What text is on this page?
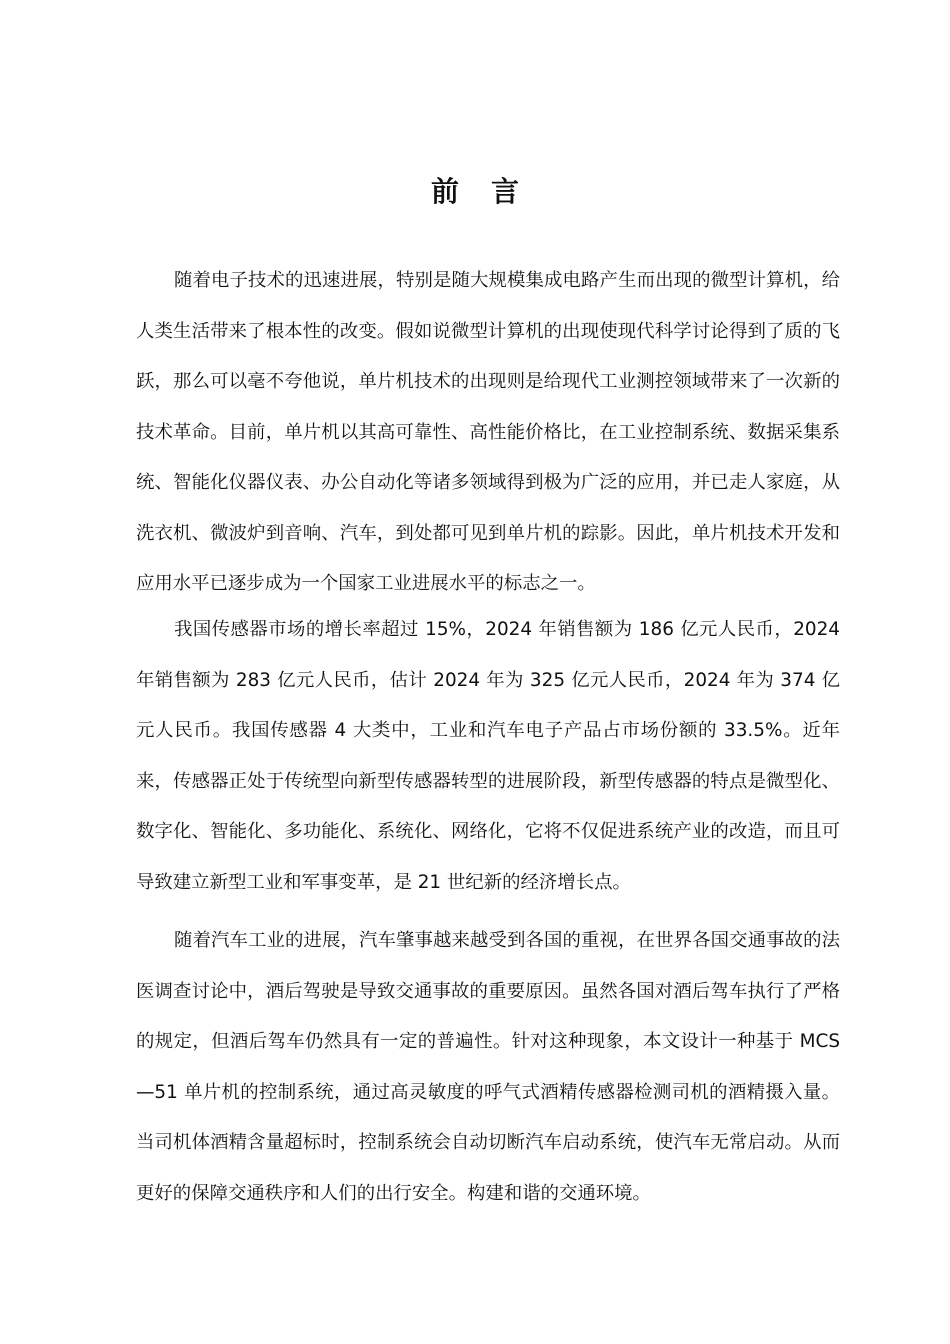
前言

随着电子技术的迅速进展，特别是随大规模集成电路产生而出现的微型计算机，给人类生活带来了根本性的改变。假如说微型计算机的出现使现代科学讨论得到了质的飞跃，那么可以毫不夸他说，单片机技术的出现则是给现代工业测控领域带来了一次新的技术革命。目前，单片机以其高可靠性、高性能价格比，在工业控制系统、数据采集系统、智能化仪器仪表、办公自动化等诸多领域得到极为广泛的应用，并已走人家庭，从洗衣机、微波炉到音响、汽车，到处都可见到单片机的踪影。因此，单片机技术开发和应用水平已逐步成为一个国家工业进展水平的标志之一。

我国传感器市场的增长率超过 15%，2024 年销售额为 186 亿元人民币，2024 年销售额为 283 亿元人民币，估计 2024 年为 325 亿元人民币，2024 年为 374 亿元人民币。我国传感器 4 大类中，工业和汽车电子产品占市场份额的 33.5%。近年来，传感器正处于传统型向新型传感器转型的进展阶段，新型传感器的特点是微型化、数字化、智能化、多功能化、系统化、网络化，它将不仅促进系统产业的改造，而且可导致建立新型工业和军事变革，是 21 世纪新的经济增长点。

随着汽车工业的进展，汽车肇事越来越受到各国的重视，在世界各国交通事故的法医调查讨论中，酒后驾驶是导致交通事故的重要原因。虽然各国对酒后驾车执行了严格的规定，但酒后驾车仍然具有一定的普遍性。针对这种现象，本文设计一种基于 MCS—51 单片机的控制系统，通过高灵敏度的呼气式酒精传感器检测司机的酒精摄入量。当司机体酒精含量超标时，控制系统会自动切断汽车启动系统，使汽车无常启动。从而更好的保障交通秩序和人们的出行安全。构建和谐的交通环境。
